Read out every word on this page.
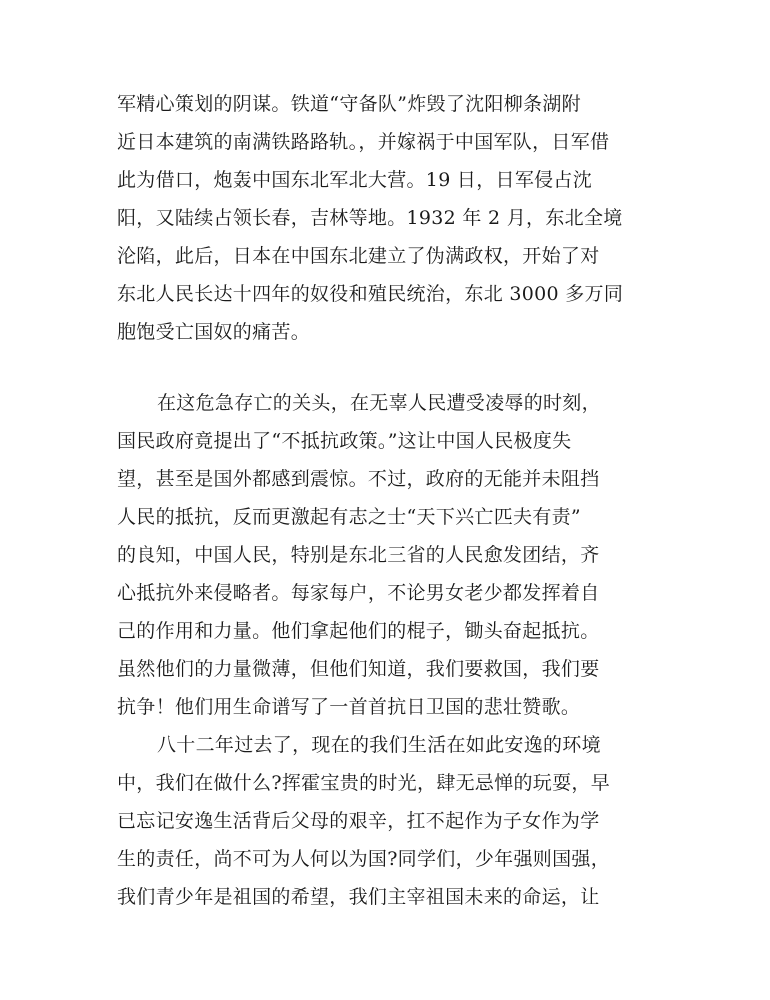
军精心策划的阴谋。铁道“守备队”炸毁了沈阳柳条湖附
近日本建筑的南满铁路路轨。，并嫁祸于中国军队，日军借
此为借口，炮轰中国东北军北大营。19 日，日军侵占沈
阳，又陆续占领长春，吉林等地。1932 年 2 月，东北全境
沦陷，此后，日本在中国东北建立了伪满政权，开始了对
东北人民长达十四年的奴役和殖民统治，东北 3000 多万同
胞饱受亡国奴的痛苦。
在这危急存亡的关头，在无辜人民遭受凌辱的时刻，
国民政府竟提出了“不抵抗政策。”这让中国人民极度失
望，甚至是国外都感到震惊。不过，政府的无能并未阻挡
人民的抵抗，反而更激起有志之士“天下兴亡匹夫有责”
的良知，中国人民，特别是东北三省的人民愈发团结，齐
心抵抗外来侵略者。每家每户，不论男女老少都发挥着自
己的作用和力量。他们拿起他们的棍子，锄头奋起抵抗。
虽然他们的力量微薄，但他们知道，我们要救国，我们要
抗争！他们用生命谱写了一首首抗日卫国的悲壮赞歌。
八十二年过去了，现在的我们生活在如此安逸的环境
中，我们在做什么?挥霍宝贵的时光，肆无忌惮的玩耍，早
已忘记安逸生活背后父母的艰辛，扛不起作为子女作为学
生的责任，尚不可为人何以为国?同学们，少年强则国强，
我们青少年是祖国的希望，我们主宰祖国未来的命运，让
